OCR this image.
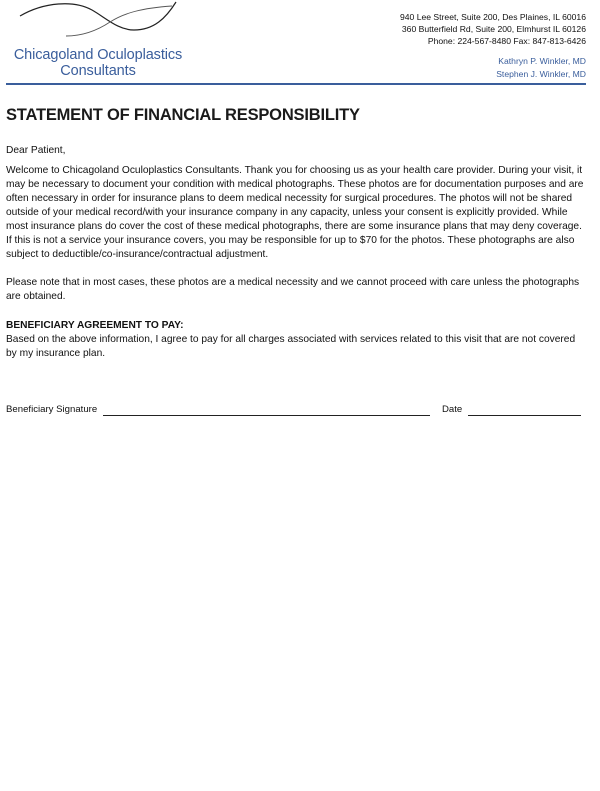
Chicagoland Oculoplastics
Consultants
940 Lee Street, Suite 200, Des Plaines, IL 60016
360 Butterfield Rd, Suite 200, Elmhurst IL 60126
Phone: 224-567-8480 Fax: 847-813-6426
Kathryn P. Winkler, MD
Stephen J. Winkler, MD
STATEMENT OF FINANCIAL RESPONSIBILITY
Dear Patient,
Welcome to Chicagoland Oculoplastics Consultants. Thank you for choosing us as your health care provider. During your visit, it may be necessary to document your condition with medical photographs. These photos are for documentation purposes and are often necessary in order for insurance plans to deem medical necessity for surgical procedures. The photos will not be shared outside of your medical record/with your insurance company in any capacity, unless your consent is explicitly provided. While most insurance plans do cover the cost of these medical photographs, there are some insurance plans that may deny coverage. If this is not a service your insurance covers, you may be responsible for up to $70 for the photos. These photographs are also subject to deductible/co-insurance/contractual adjustment.
Please note that in most cases, these photos are a medical necessity and we cannot proceed with care unless the photographs are obtained.
BENEFICIARY AGREEMENT TO PAY:
Based on the above information, I agree to pay for all charges associated with services related to this visit that are not covered by my insurance plan.
Beneficiary Signature	Date
